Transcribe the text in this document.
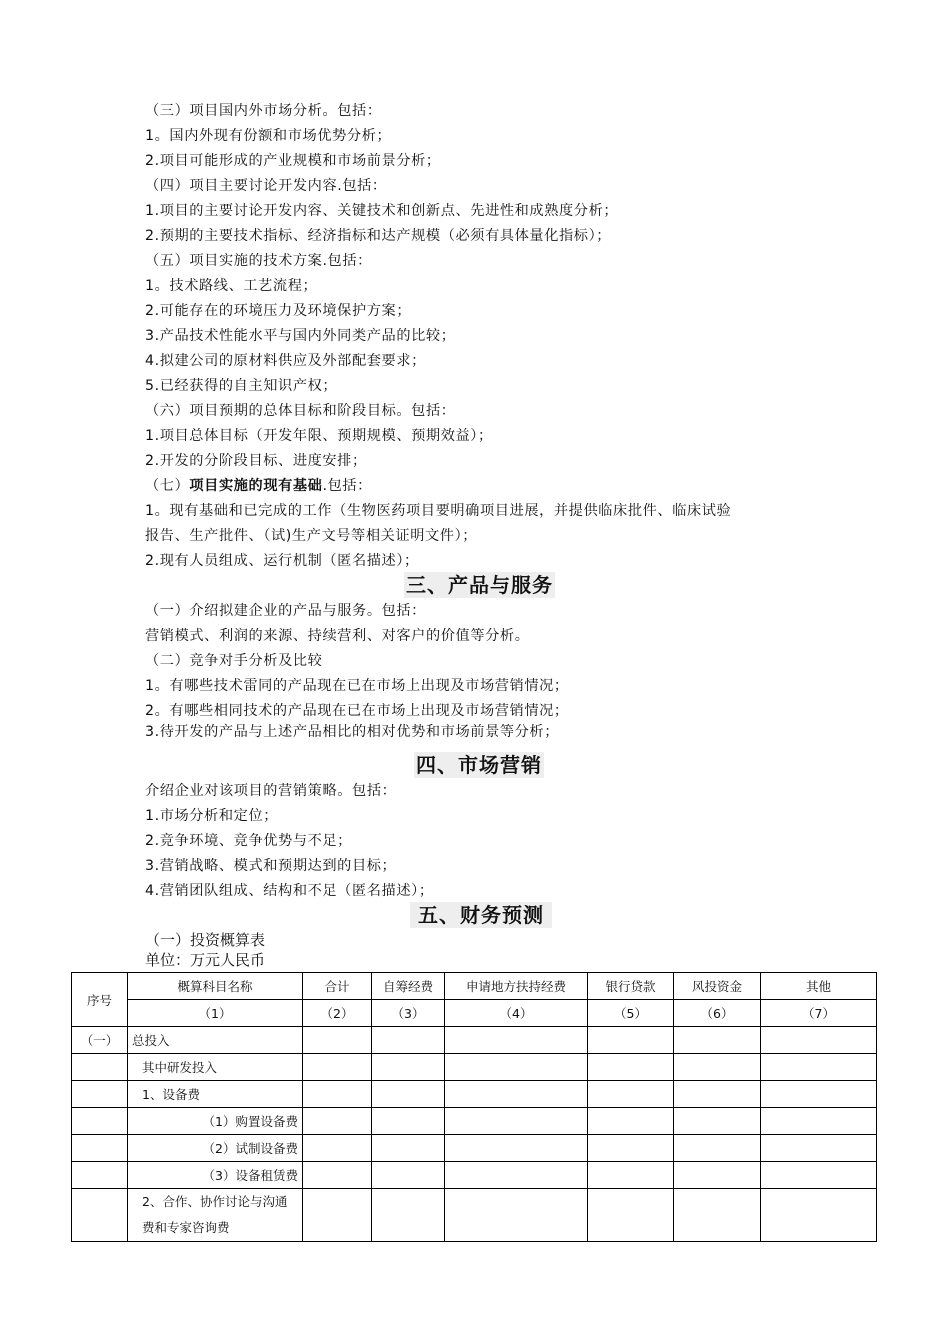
（三）项目国内外市场分析。包括：
1。国内外现有份额和市场优势分析；
2.项目可能形成的产业规模和市场前景分析；
（四）项目主要讨论开发内容.包括：
1.项目的主要讨论开发内容、关键技术和创新点、先进性和成熟度分析；
2.预期的主要技术指标、经济指标和达产规模（必须有具体量化指标）；
（五）项目实施的技术方案.包括：
1。技术路线、工艺流程；
2.可能存在的环境压力及环境保护方案；
3.产品技术性能水平与国内外同类产品的比较；
4.拟建公司的原材料供应及外部配套要求；
5.已经获得的自主知识产权；
（六）项目预期的总体目标和阶段目标。包括：
1.项目总体目标（开发年限、预期规模、预期效益）；
2.开发的分阶段目标、进度安排；
（七）项目实施的现有基础.包括：
1。现有基础和已完成的工作（生物医药项目要明确项目进展，并提供临床批件、临床试验
报告、生产批件、（试)生产文号等相关证明文件）；
2.现有人员组成、运行机制（匿名描述）；
三、产品与服务
（一）介绍拟建企业的产品与服务。包括：
营销模式、利润的来源、持续营利、对客户的价值等分析。
（二）竞争对手分析及比较
1。有哪些技术雷同的产品现在已在市场上出现及市场营销情况；
2。有哪些相同技术的产品现在已在市场上出现及市场营销情况；
3.待开发的产品与上述产品相比的相对优势和市场前景等分析；
四、市场营销
介绍企业对该项目的营销策略。包括：
1.市场分析和定位；
2.竞争环境、竞争优势与不足；
3.营销战略、模式和预期达到的目标；
4.营销团队组成、结构和不足（匿名描述）；
五、财务预测
（一）投资概算表
单位：万元人民币
序号	概算科目名称	合计	自筹经费	申请地方扶持经费	银行贷款	风投资金	其他
	（1）	（2）	（3）	（4）	（5）	（6）	（7）
（一）	总投入						
	其中研发投入						
	1、设备费						
	（1）购置设备费						
	（2）试制设备费						
	（3）设备租赁费						
	2、合作、协作讨论与沟通费和专家咨询费						
